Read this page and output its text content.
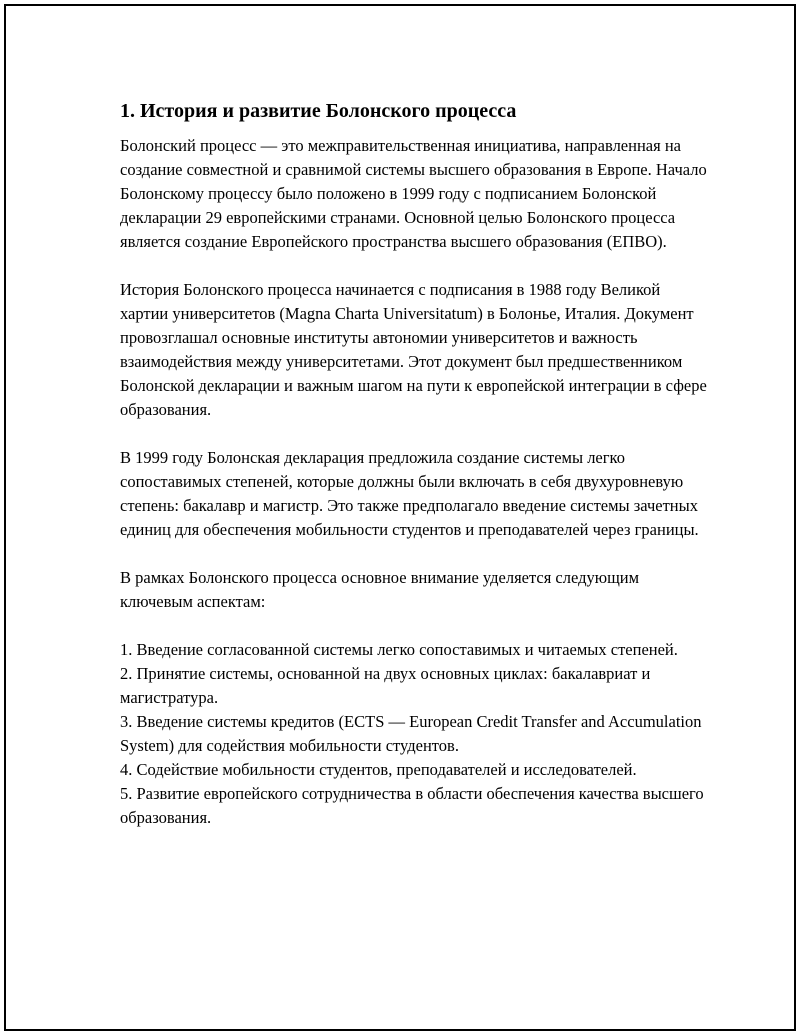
1. История и развитие Болонского процесса

Болонский процесс — это межправительственная инициатива, направленная на создание совместной и сравнимой системы высшего образования в Европе. Начало Болонскому процессу было положено в 1999 году с подписанием Болонской декларации 29 европейскими странами. Основной целью Болонского процесса является создание Европейского пространства высшего образования (ЕПВО).

История Болонского процесса начинается с подписания в 1988 году Великой хартии университетов (Magna Charta Universitatum) в Болонье, Италия. Документ провозглашал основные институты автономии университетов и важность взаимодействия между университетами. Этот документ был предшественником Болонской декларации и важным шагом на пути к европейской интеграции в сфере образования.

В 1999 году Болонская декларация предложила создание системы легко сопоставимых степеней, которые должны были включать в себя двухуровневую степень: бакалавр и магистр. Это также предполагало введение системы зачетных единиц для обеспечения мобильности студентов и преподавателей через границы.

В рамках Болонского процесса основное внимание уделяется следующим ключевым аспектам:

1. Введение согласованной системы легко сопоставимых и читаемых степеней.
2. Принятие системы, основанной на двух основных циклах: бакалавриат и магистратура.
3. Введение системы кредитов (ECTS — European Credit Transfer and Accumulation System) для содействия мобильности студентов.
4. Содействие мобильности студентов, преподавателей и исследователей.
5. Развитие европейского сотрудничества в области обеспечения качества высшего образования.
